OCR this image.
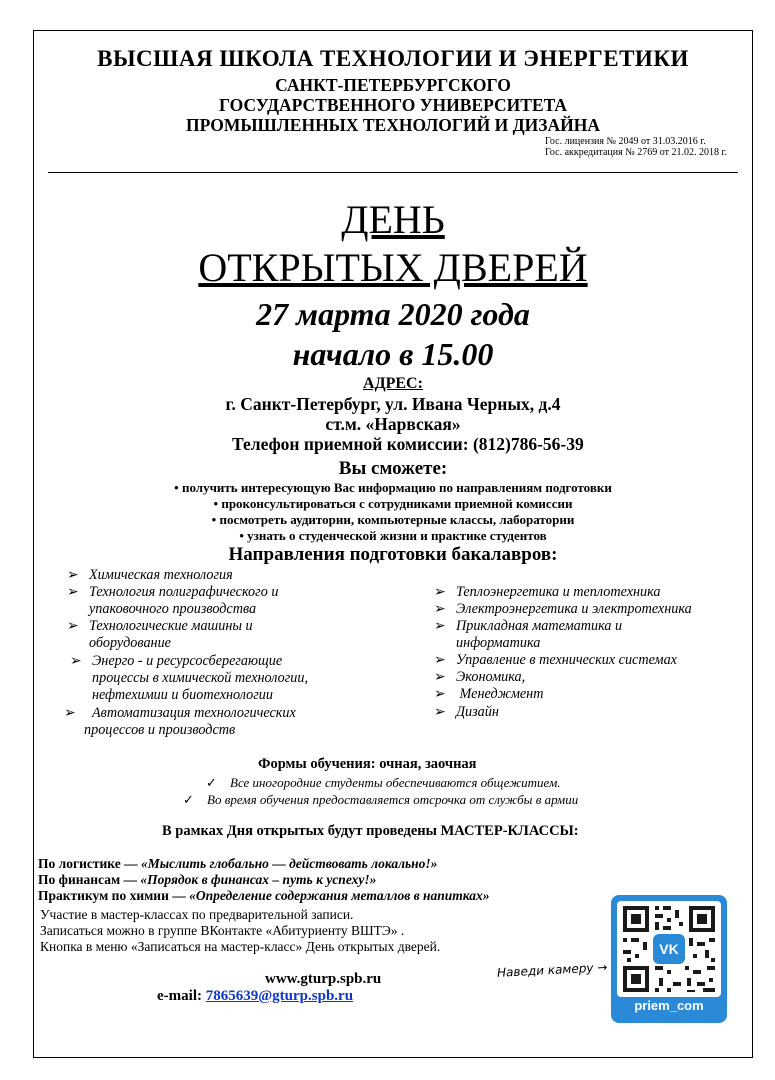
ВЫСШАЯ ШКОЛА ТЕХНОЛОГИИ И ЭНЕРГЕТИКИ
САНКТ-ПЕТЕРБУРГСКОГО
ГОСУДАРСТВЕННОГО УНИВЕРСИТЕТА
ПРОМЫШЛЕННЫХ ТЕХНОЛОГИЙ И ДИЗАЙНА
Гос. лицензия № 2049 от 31.03.2016 г.
Гос. аккредитация № 2769 от 21.02. 2018 г.
ДЕНЬ
ОТКРЫТЫХ ДВЕРЕЙ
27 марта 2020 года
начало в 15.00
АДРЕС:
г. Санкт-Петербург, ул. Ивана Черных, д.4
ст.м. «Нарвская»
Телефон приемной комиссии: (812)786-56-39
Вы сможете:
• получить интересующую Вас информацию по направлениям подготовки
• проконсультироваться с сотрудниками приемной комиссии
• посмотреть аудитории, компьютерные классы, лаборатории
• узнать о студенческой жизни и практике студентов
Направления подготовки бакалавров:
➢ Химическая технология
➢ Технология полиграфического и
упаковочного производства
➢ Технологические машины и
оборудование
➢ Энерго - и ресурсосберегающие
процессы в химической технологии,
нефтехимии и биотехнологии
➢ Автоматизация технологических
процессов и производств
➢ Теплоэнергетика и теплотехника
➢ Электроэнергетика и электротехника
➢ Прикладная математика и
информатика
➢ Управление в технических системах
➢ Экономика,
➢ Менеджмент
➢ Дизайн
Формы обучения: очная, заочная
✓ Все иногородние студенты обеспечиваются общежитием.
✓ Во время обучения предоставляется отсрочка от службы в армии
В рамках Дня открытых будут проведены МАСТЕР-КЛАССЫ:
По логистике — «Мыслить глобально — действовать локально!»
По финансам — «Порядок в финансах – путь к успеху!»
Практикум по химии — «Определение содержания металлов в напитках»
Участие в мастер-классах по предварительной записи.
Записаться можно в группе ВКонтакте «Абитуриенту ВШТЭ» .
Кнопка в меню «Записаться на мастер-класс» День открытых дверей.
www.gturp.spb.ru
e-mail: 7865639@gturp.spb.ru
Наведи камеру →
VK
priem_com
